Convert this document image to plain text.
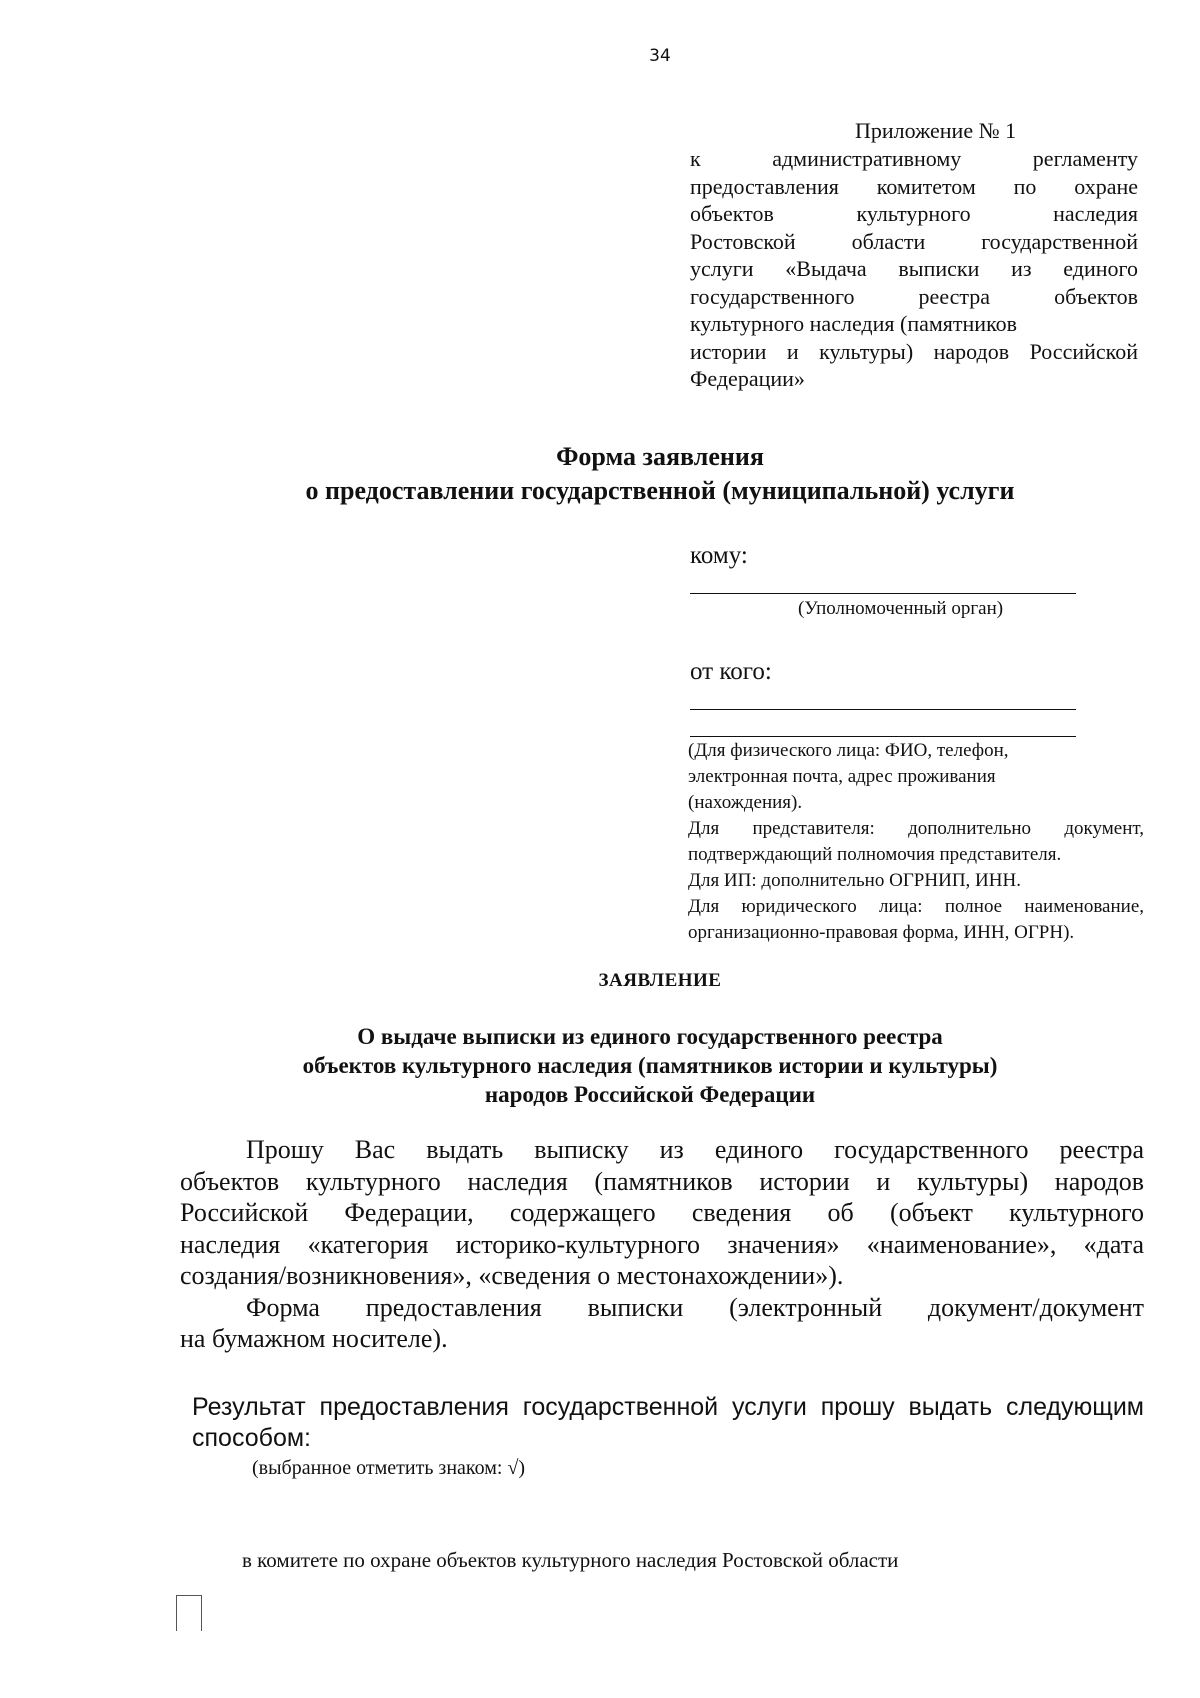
34
Приложение № 1
к административному регламенту
предоставления комитетом по охране
объектов культурного наследия
Ростовской области государственной
услуги «Выдача выписки из единого
государственного реестра объектов
культурного наследия (памятников
истории и культуры) народов Российской
Федерации»
Форма заявления
о предоставлении государственной (муниципальной) услуги
кому:
(Уполномоченный орган)
от кого:
(Для физического лица: ФИО, телефон,
электронная почта, адрес проживания
(нахождения).
Для представителя: дополнительно документ,
подтверждающий полномочия представителя.
Для ИП: дополнительно ОГРНИП, ИНН.
Для юридического лица: полное наименование,
организационно-правовая форма, ИНН, ОГРН).
ЗАЯВЛЕНИЕ
О выдаче выписки из единого государственного реестра
объектов культурного наследия (памятников истории и культуры)
народов Российской Федерации
Прошу Вас выдать выписку из единого государственного реестра
объектов культурного наследия (памятников истории и культуры) народов
Российской Федерации, содержащего сведения об (объект культурного
наследия «категория историко-культурного значения» «наименование», «дата
создания/возникновения», «сведения о местонахождении»).
Форма предоставления выписки (электронный документ/документ
на бумажном носителе).
Результат предоставления государственной услуги прошу выдать следующим
способом:
(выбранное отметить знаком: √)
в комитете по охране объектов культурного наследия Ростовской области
